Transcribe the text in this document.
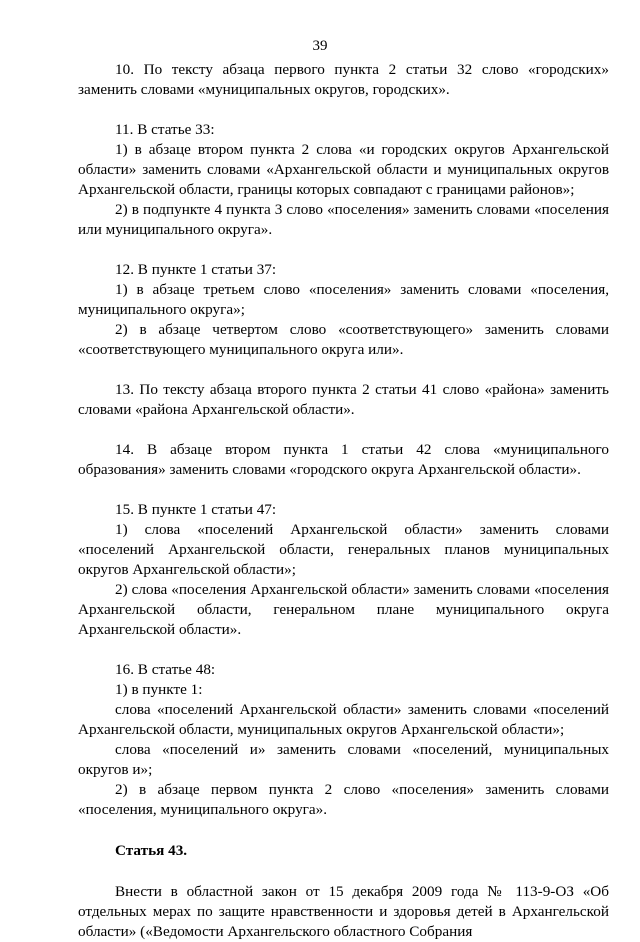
39

10. По тексту абзаца первого пункта 2 статьи 32 слово «городских» заменить словами «муниципальных округов, городских».

11. В статье 33:

1) в абзаце втором пункта 2 слова «и городских округов Архангельской области» заменить словами «Архангельской области и муниципальных округов Архангельской области, границы которых совпадают с границами районов»;

2) в подпункте 4 пункта 3 слово «поселения» заменить словами «поселения или муниципального округа».

12. В пункте 1 статьи 37:

1) в абзаце третьем слово «поселения» заменить словами «поселения, муниципального округа»;

2) в абзаце четвертом слово «соответствующего» заменить словами «соответствующего муниципального округа или».

13. По тексту абзаца второго пункта 2 статьи 41 слово «района» заменить словами «района Архангельской области».

14. В абзаце втором пункта 1 статьи 42 слова «муниципального образования» заменить словами «городского округа Архангельской области».

15. В пункте 1 статьи 47:

1) слова «поселений Архангельской области» заменить словами «поселений Архангельской области, генеральных планов муниципальных округов Архангельской области»;

2) слова «поселения Архангельской области» заменить словами «поселения Архангельской области, генеральном плане муниципального округа Архангельской области».

16. В статье 48:

1) в пункте 1:

слова «поселений Архангельской области» заменить словами «поселений Архангельской области, муниципальных округов Архангельской области»;

слова «поселений и» заменить словами «поселений, муниципальных округов и»;

2) в абзаце первом пункта 2 слово «поселения» заменить словами «поселения, муниципального округа».

Статья 43.

Внести в областной закон от 15 декабря 2009 года № 113-9-ОЗ «Об отдельных мерах по защите нравственности и здоровья детей в Архангельской области» («Ведомости Архангельского областного Собрания
